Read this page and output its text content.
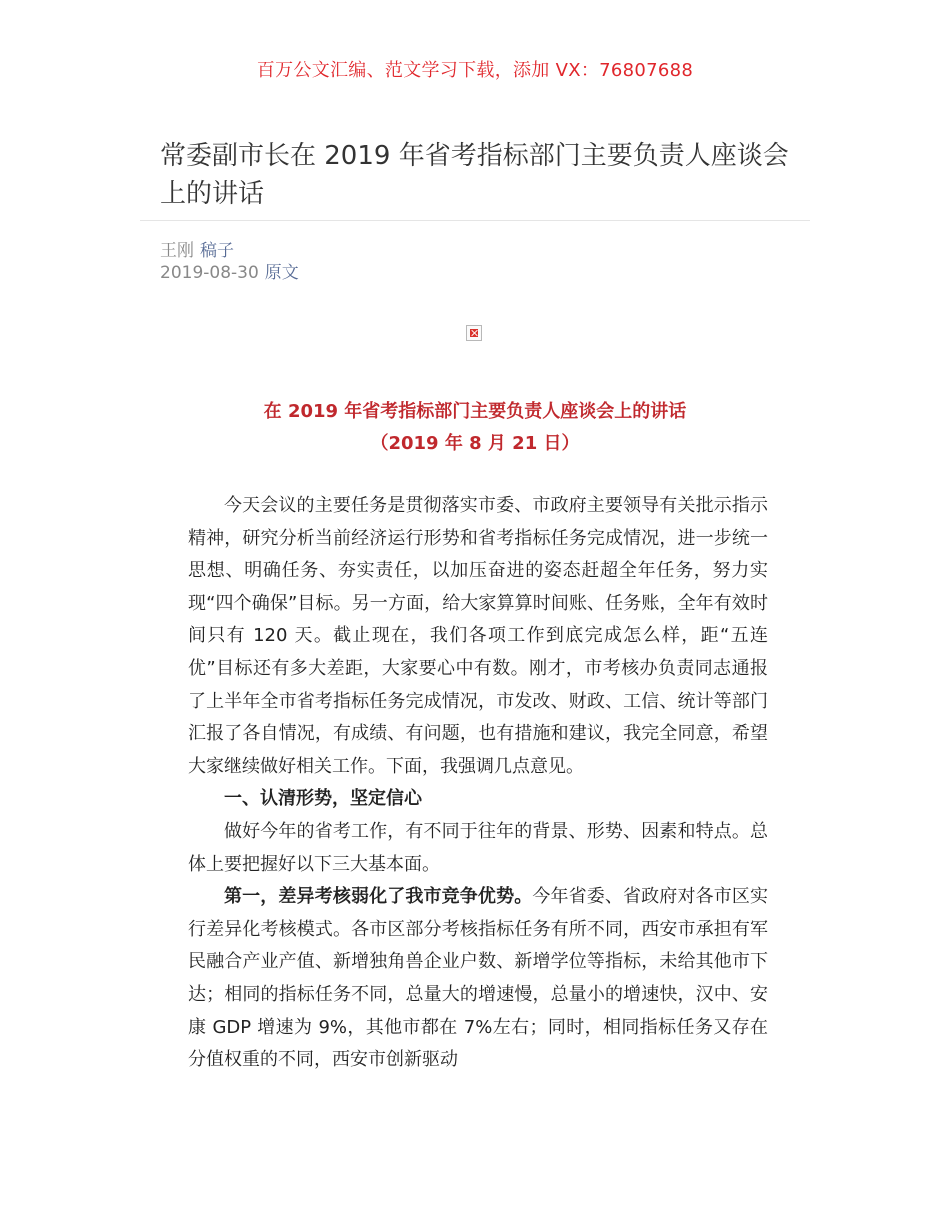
百万公文汇编、范文学习下载，添加 VX：76807688
常委副市长在 2019 年省考指标部门主要负责人座谈会上的讲话
王刚 稿子
2019-08-30 原文
在 2019 年省考指标部门主要负责人座谈会上的讲话
（2019 年 8 月 21 日）

今天会议的主要任务是贯彻落实市委、市政府主要领导有关批示指示精神，研究分析当前经济运行形势和省考指标任务完成情况，进一步统一思想、明确任务、夯实责任，以加压奋进的姿态赶超全年任务，努力实现“四个确保”目标。另一方面，给大家算算时间账、任务账，全年有效时间只有 120 天。截止现在，我们各项工作到底完成怎么样，距“五连优”目标还有多大差距，大家要心中有数。刚才，市考核办负责同志通报了上半年全市省考指标任务完成情况，市发改、财政、工信、统计等部门汇报了各自情况，有成绩、有问题，也有措施和建议，我完全同意，希望大家继续做好相关工作。下面，我强调几点意见。

一、认清形势，坚定信心

做好今年的省考工作，有不同于往年的背景、形势、因素和特点。总体上要把握好以下三大基本面。

第一，差异考核弱化了我市竞争优势。今年省委、省政府对各市区实行差异化考核模式。各市区部分考核指标任务有所不同，西安市承担有军民融合产业产值、新增独角兽企业户数、新增学位等指标，未给其他市下达；相同的指标任务不同，总量大的增速慢，总量小的增速快，汉中、安康 GDP 增速为 9%，其他市都在 7%左右；同时，相同指标任务又存在分值权重的不同，西安市创新驱动
